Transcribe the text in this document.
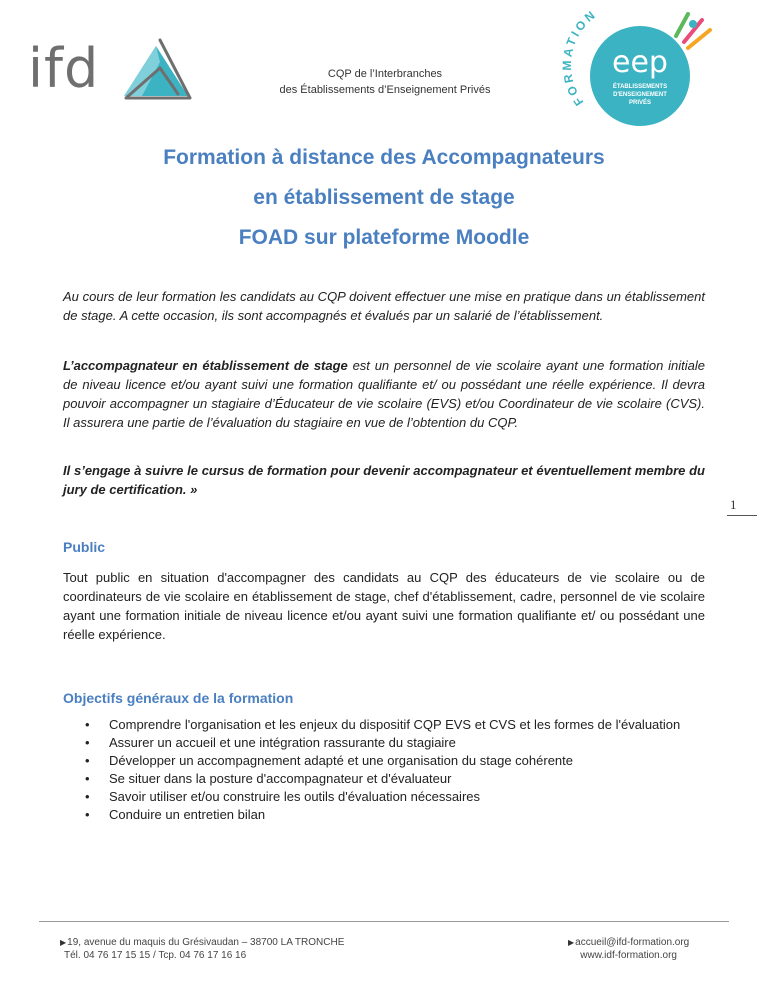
ifd	CQP de l’Interbranches
des Établissements d’Enseignement Privés
FORMATION
eep
ÉTABLISSEMENTS
D'ENSEIGNEMENT
PRIVÉS
Formation à distance des Accompagnateurs
en établissement de stage
FOAD sur plateforme Moodle
Au cours de leur formation les candidats au CQP doivent effectuer une mise en pratique dans un établissement de stage. A cette occasion, ils sont accompagnés et évalués par un salarié de l’établissement.
L’accompagnateur en établissement de stage est un personnel de vie scolaire ayant une formation initiale de niveau licence et/ou ayant suivi une formation qualifiante et/ ou possédant une réelle expérience. Il devra pouvoir accompagner un stagiaire d’Éducateur de vie scolaire (EVS) et/ou Coordinateur de vie scolaire (CVS). Il assurera une partie de l’évaluation du stagiaire en vue de l’obtention du CQP.
Il s’engage à suivre le cursus de formation pour devenir accompagnateur et éventuellement membre du jury de certification. »
1
Public
Tout public en situation d'accompagner des candidats au CQP des éducateurs de vie scolaire ou de coordinateurs de vie scolaire en établissement de stage, chef d'établissement, cadre, personnel de vie scolaire ayant une formation initiale de niveau licence et/ou ayant suivi une formation qualifiante et/ ou possédant une réelle expérience.
Objectifs généraux de la formation
• Comprendre l'organisation et les enjeux du dispositif CQP EVS et CVS et les formes de l'évaluation
• Assurer un accueil et une intégration rassurante du stagiaire
• Développer un accompagnement adapté et une organisation du stage cohérente
• Se situer dans la posture d'accompagnateur et d'évaluateur
• Savoir utiliser et/ou construire les outils d'évaluation nécessaires
• Conduire un entretien bilan
▶19, avenue du maquis du Grésivaudan – 38700 LA TRONCHE
Tél. 04 76 17 15 15 / Tcp. 04 76 17 16 16
▶accueil@ifd-formation.org
www.idf-formation.org
